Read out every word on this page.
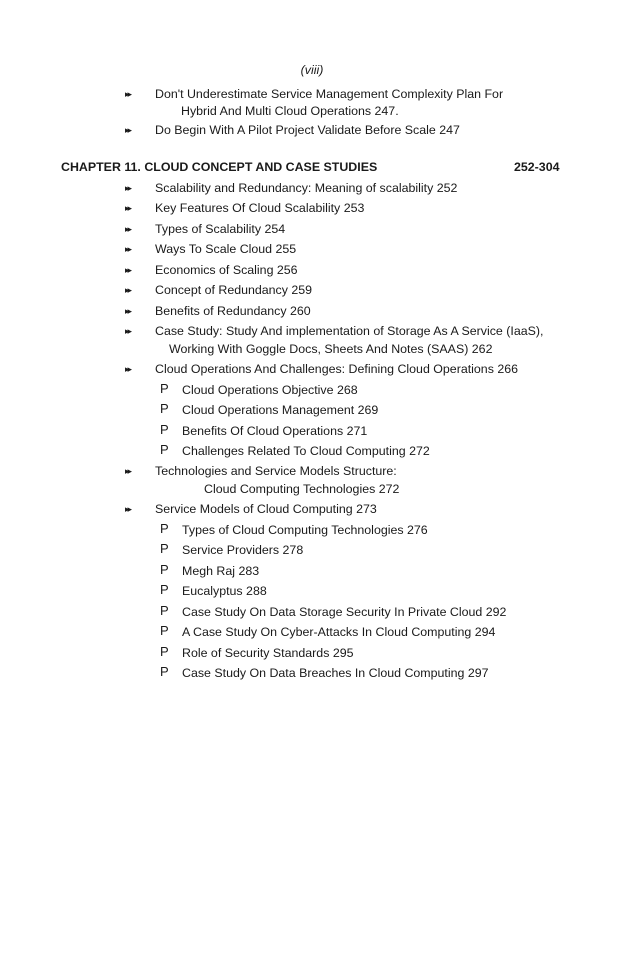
(viii)
▸▸ Don't Underestimate Service Management Complexity Plan For
Hybrid And Multi Cloud Operations 247.
▸▸ Do Begin With A Pilot Project Validate Before Scale 247
CHAPTER 11. CLOUD CONCEPT AND CASE STUDIES	252-304
▸▸ Scalability and Redundancy: Meaning of scalability 252
▸▸ Key Features Of Cloud Scalability 253
▸▸ Types of Scalability 254
▸▸ Ways To Scale Cloud 255
▸▸ Economics of Scaling 256
▸▸ Concept of Redundancy 259
▸▸ Benefits of Redundancy 260
▸▸ Case Study: Study And implementation of Storage As A Service (IaaS),
Working With Goggle Docs, Sheets And Notes (SAAS) 262
▸▸ Cloud Operations And Challenges: Defining Cloud Operations 266
P Cloud Operations Objective 268
P Cloud Operations Management 269
P Benefits Of Cloud Operations 271
P Challenges Related To Cloud Computing 272
▸▸ Technologies and Service Models Structure:
Cloud Computing Technologies 272
▸▸ Service Models of Cloud Computing 273
P Types of Cloud Computing Technologies 276
P Service Providers 278
P Megh Raj 283
P Eucalyptus 288
P Case Study On Data Storage Security In Private Cloud 292
P A Case Study On Cyber-Attacks In Cloud Computing 294
P Role of Security Standards 295
P Case Study On Data Breaches In Cloud Computing 297
